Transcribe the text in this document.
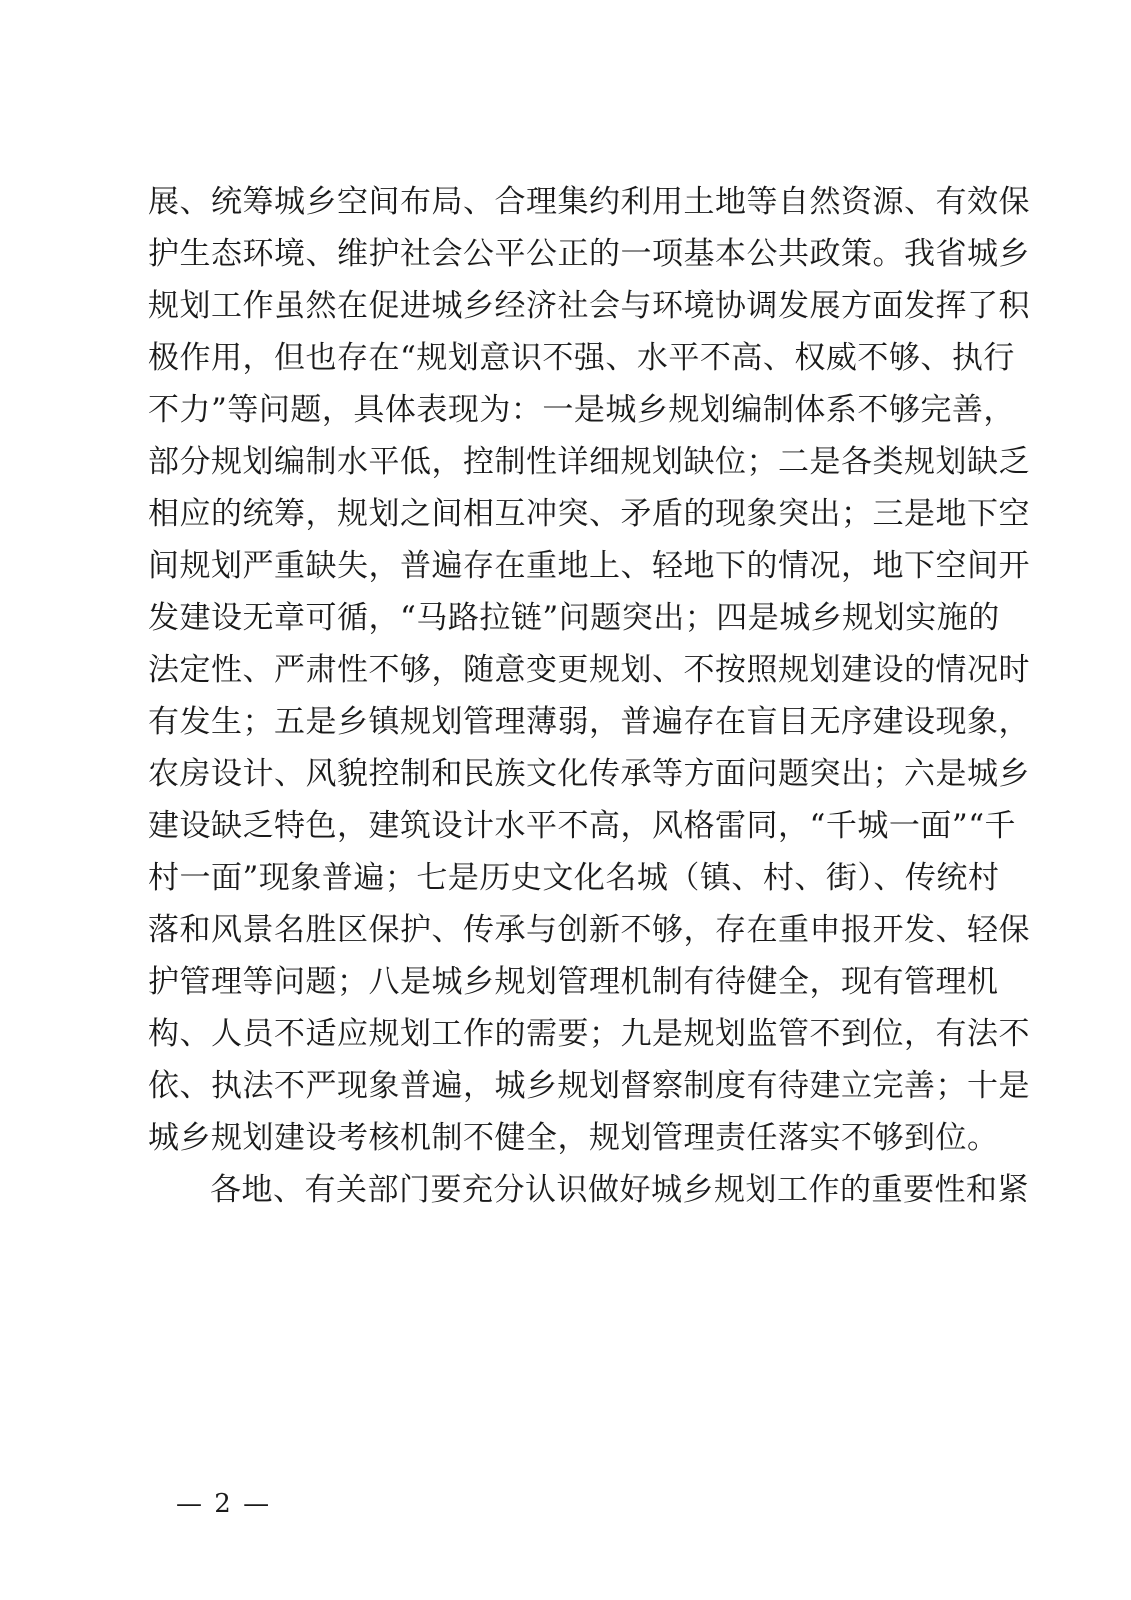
展、统筹城乡空间布局、合理集约利用土地等自然资源、有效保
护生态环境、维护社会公平公正的一项基本公共政策。我省城乡
规划工作虽然在促进城乡经济社会与环境协调发展方面发挥了积
极作用，但也存在“规划意识不强、水平不高、权威不够、执行
不力”等问题，具体表现为：一是城乡规划编制体系不够完善，
部分规划编制水平低，控制性详细规划缺位；二是各类规划缺乏
相应的统筹，规划之间相互冲突、矛盾的现象突出；三是地下空
间规划严重缺失，普遍存在重地上、轻地下的情况，地下空间开
发建设无章可循，“马路拉链”问题突出；四是城乡规划实施的
法定性、严肃性不够，随意变更规划、不按照规划建设的情况时
有发生；五是乡镇规划管理薄弱，普遍存在盲目无序建设现象，
农房设计、风貌控制和民族文化传承等方面问题突出；六是城乡
建设缺乏特色，建筑设计水平不高，风格雷同，“千城一面”“千
村一面”现象普遍；七是历史文化名城（镇、村、街）、传统村
落和风景名胜区保护、传承与创新不够，存在重申报开发、轻保
护管理等问题；八是城乡规划管理机制有待健全，现有管理机
构、人员不适应规划工作的需要；九是规划监管不到位，有法不
依、执法不严现象普遍，城乡规划督察制度有待建立完善；十是
城乡规划建设考核机制不健全，规划管理责任落实不够到位。
各地、有关部门要充分认识做好城乡规划工作的重要性和紧
— 2 —
